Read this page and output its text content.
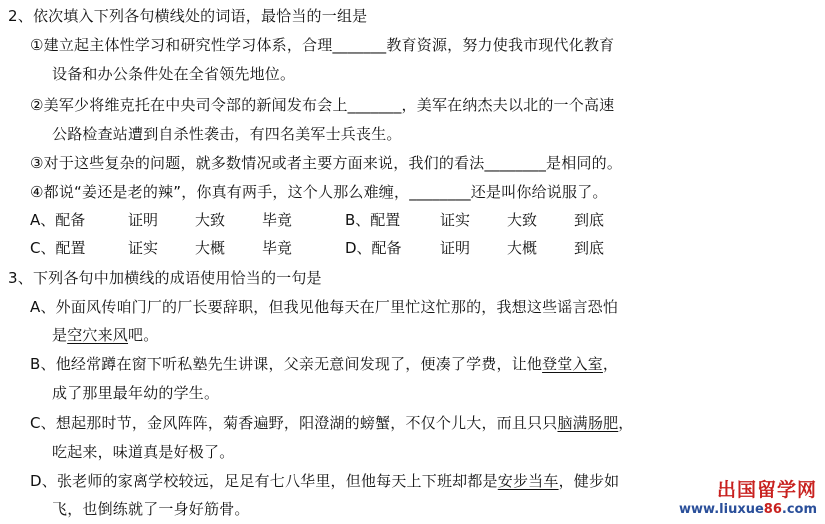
2、依次填入下列各句横线处的词语，最恰当的一组是
①建立起主体性学习和研究性学习体系，合理_______教育资源，努力使我市现代化教育
设备和办公条件处在全省领先地位。
②美军少将维克托在中央司令部的新闻发布会上_______，美军在纳杰夫以北的一个高速
公路检查站遭到自杀性袭击，有四名美军士兵丧生。
③对于这些复杂的问题，就多数情况或者主要方面来说，我们的看法________是相同的。
④都说“姜还是老的辣”，你真有两手，这个人那么难缠，________还是叫你给说服了。
A、配备	证明 大致 毕竟	B、配置	证实 大致 到底
C、配置	证实 大概 毕竟	D、配备	证明 大概 到底
3、下列各句中加横线的成语使用恰当的一句是
A、外面风传咱门厂的厂长要辞职，但我见他每天在厂里忙这忙那的，我想这些谣言恐怕
是空穴来风吧。
B、他经常蹲在窗下听私塾先生讲课，父亲无意间发现了，便凑了学费，让他登堂入室，
成了那里最年幼的学生。
C、想起那时节，金风阵阵，菊香遍野，阳澄湖的螃蟹，不仅个儿大，而且只只脑满肠肥，
吃起来，味道真是好极了。
D、张老师的家离学校较远，足足有七八华里，但他每天上下班却都是安步当车，健步如
飞，也倒练就了一身好筋骨。
出国留学网
www.liuxue86.com
